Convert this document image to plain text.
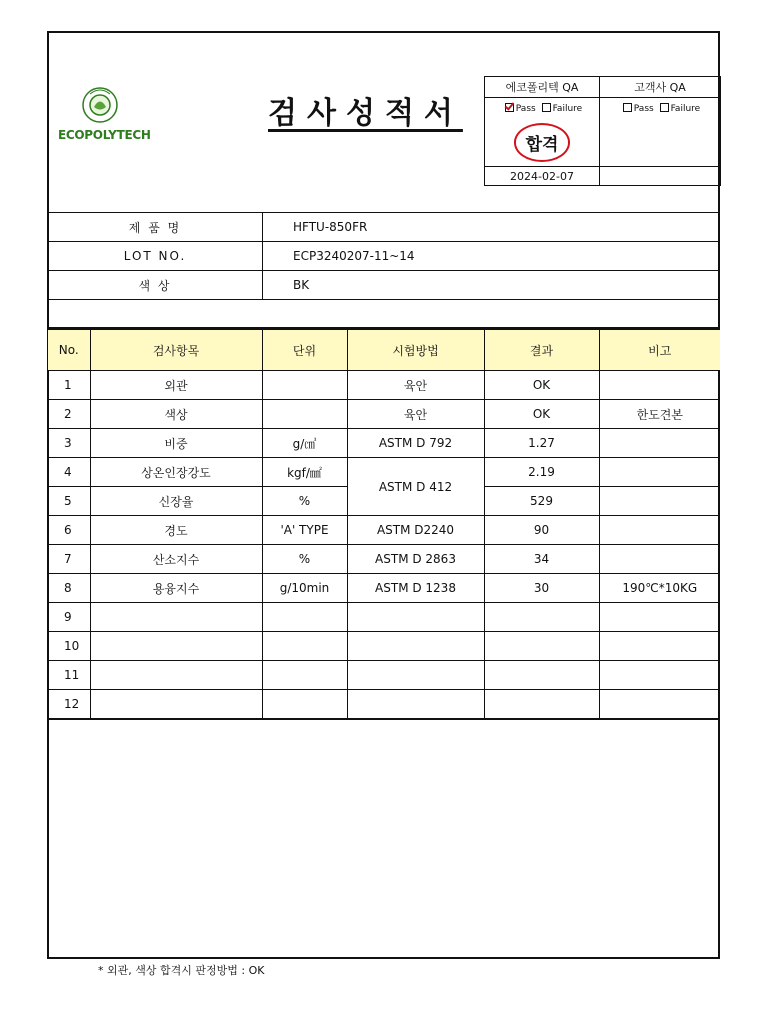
ECOPOLYTECH
검사성적서
에코폴리텍 QA	고객사 QA
Pass Failure	Pass Failure
합격	
2024-02-07	
제 품 명	HFTU-850FR
LOT NO.	ECP3240207-11~14
색 상	BK
No.	검사항목	단위	시험방법	결과	비고
1	외관		육안	OK	
2	색상		육안	OK	한도견본
3	비중	g/㎤	ASTM D 792	1.27	
4	상온인장강도	kgf/㎟	ASTM D 412	2.19	
5	신장율	%		529	
6	경도	'A' TYPE	ASTM D2240	90	
7	산소지수	%	ASTM D 2863	34	
8	용융지수	g/10min	ASTM D 1238	30	190℃*10KG
9					
10					
11					
12					
* 외관, 색상 합격시 판정방법 : OK
